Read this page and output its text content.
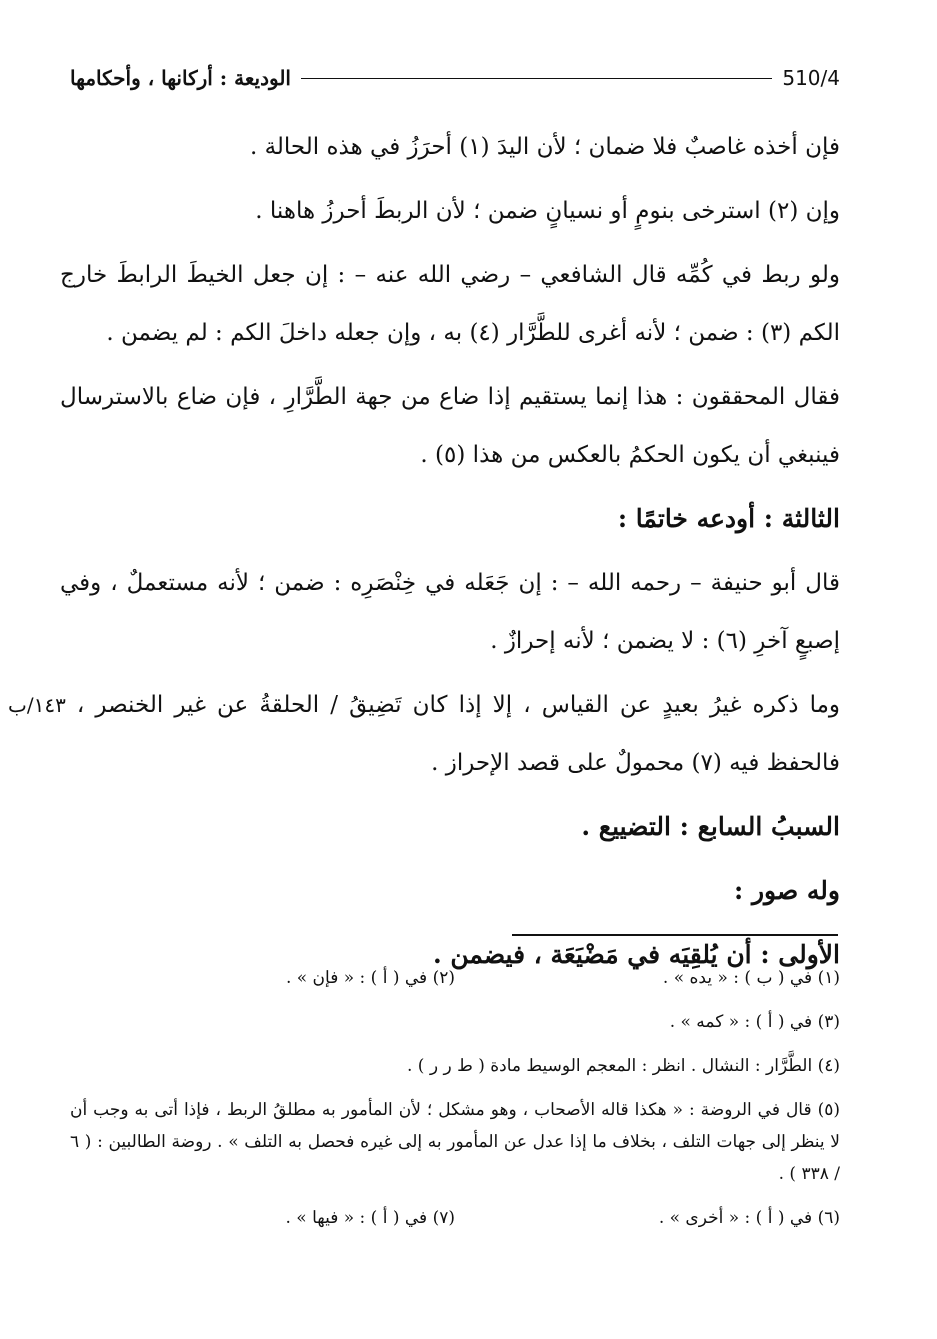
الوديعة : أركانها ، وأحكامها	510/4

فإن أخذه غاصبٌ فلا ضمان ؛ لأن اليدَ (١) أحرَزُ في هذه الحالة .

وإن (٢) استرخى بنومٍ أو نسيانٍ ضمن ؛ لأن الربطَ أحرزُ هاهنا .

ولو ربط في كُمِّه قال الشافعي – رضي الله عنه – : إن جعل الخيطَ الرابطَ خارج الكم (٣) : ضمن ؛ لأنه أغرى للطَّرَّار (٤) به ، وإن جعله داخلَ الكم : لم يضمن .

فقال المحققون : هذا إنما يستقيم إذا ضاع من جهة الطَّرَّارِ ، فإن ضاع بالاسترسال فينبغي أن يكون الحكمُ بالعكس من هذا (٥) .

الثالثة : أودعه خاتمًا :

قال أبو حنيفة – رحمه الله – : إن جَعَله في خِنْصَرِه : ضمن ؛ لأنه مستعملٌ ، وفي إصبعٍ آخرِ (٦) : لا يضمن ؛ لأنه إحرازٌ .

وما ذكره غيرُ بعيدٍ عن القياس ، إلا إذا كان تَضِيقُ / الحلقةُ عن غير الخنصر ، ١٤٣/ب فالحفظ فيه (٧) محمولٌ على قصد الإحراز .

السببُ السابع : التضييع .

وله صور :

الأولى : أن يُلقِيَه في مَضْيَعَة ، فيضمن .

(١) في ( ب ) : « يده » .
(٢) في ( أ ) : « فإن » .
(٣) في ( أ ) : « كمه » .
(٤) الطَّرَّار : النشال . انظر : المعجم الوسيط مادة ( ط ر ر ) .
(٥) قال في الروضة : « هكذا قاله الأصحاب ، وهو مشكل ؛ لأن المأمور به مطلقُ الربط ، فإذا أتى به وجب أن لا ينظر إلى جهات التلف ، بخلاف ما إذا عدل عن المأمور به إلى غيره فحصل به التلف » . روضة الطالبين : ( ٦ / ٣٣٨ ) .
(٦) في ( أ ) : « أخرى » .
(٧) في ( أ ) : « فيها » .
